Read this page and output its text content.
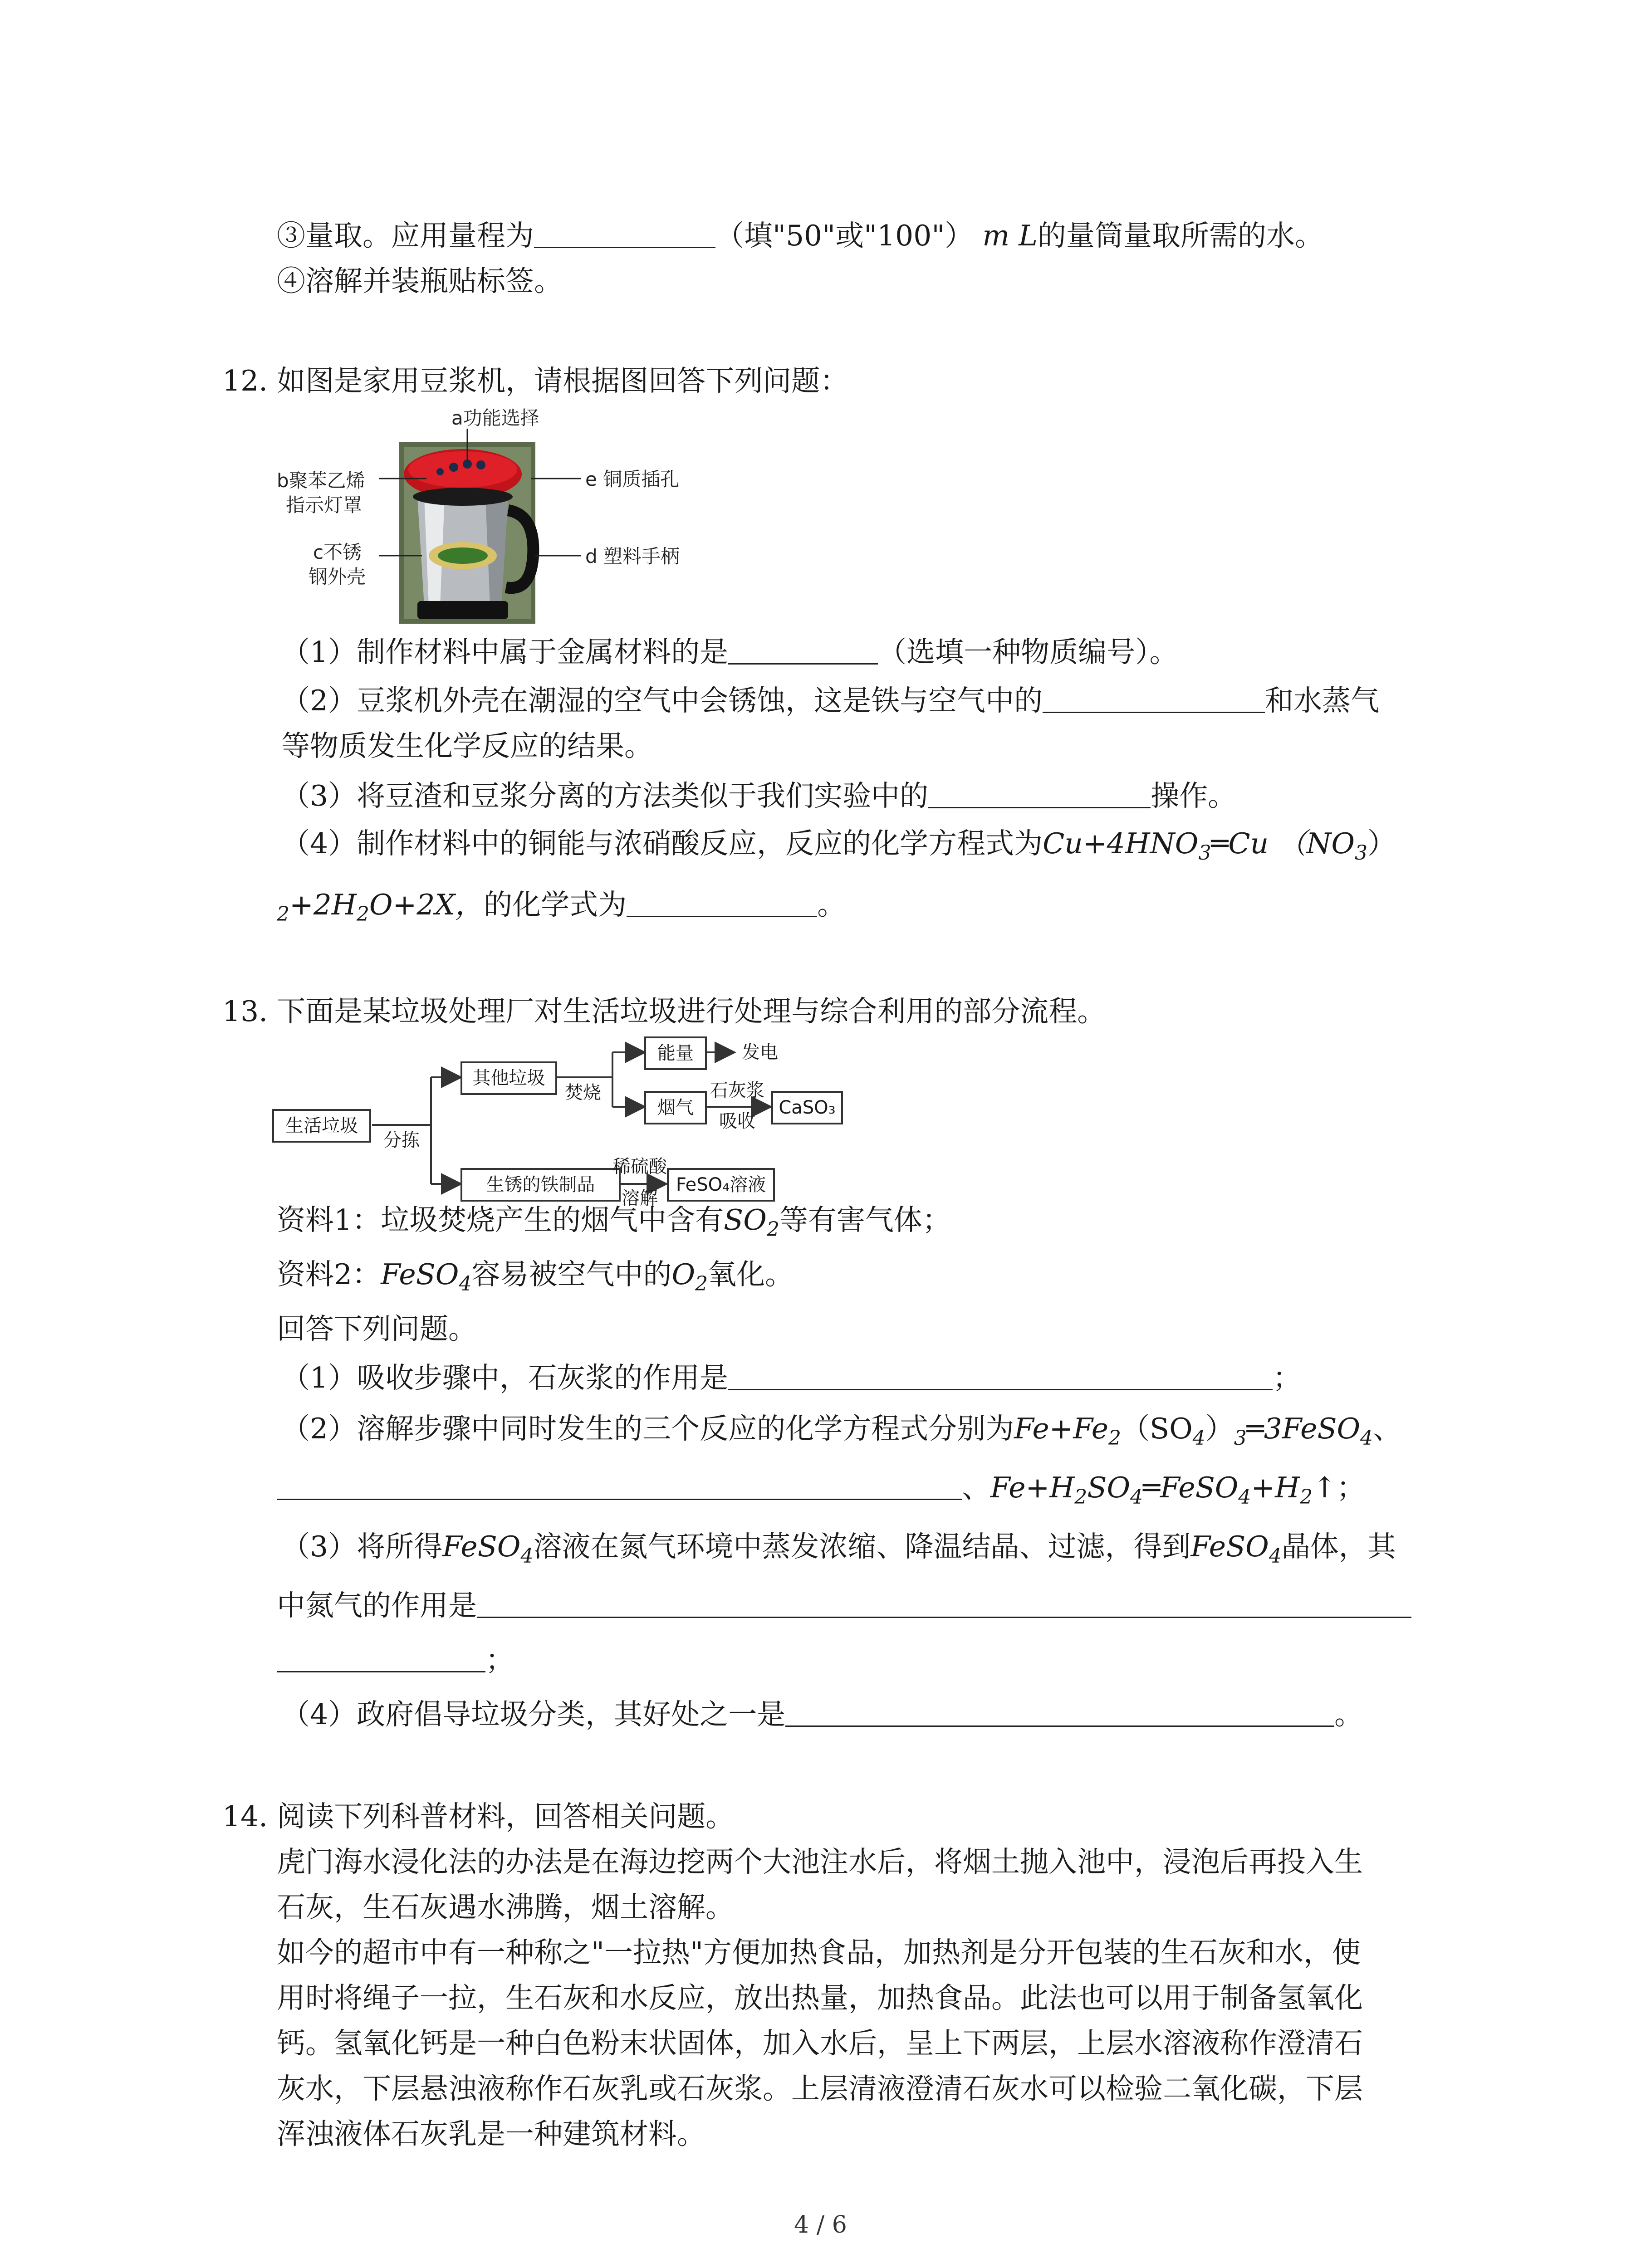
③量取。应用量程为	（填"50"或"100"） m L的量筒量取所需的水。
④溶解并装瓶贴标签。
12. 如图是家用豆浆机，请根据图回答下列问题：
a功能选择
b聚苯乙烯
指示灯罩
c不锈
钢外壳
d 塑料手柄
e 铜质插孔
（1）制作材料中属于金属材料的是	（选填一种物质编号）。
（2）豆浆机外壳在潮湿的空气中会锈蚀，这是铁与空气中的	和水蒸气
等物质发生化学反应的结果。
（3）将豆渣和豆浆分离的方法类似于我们实验中的	操作。
（4）制作材料中的铜能与浓硝酸反应，反应的化学方程式为$Cu+4HNO_3═Cu$ $(NO_3)$
$_2+2H_2O+2X$，的化学式为	。
13. 下面是某垃圾处理厂对生活垃圾进行处理与综合利用的部分流程。
生活垃圾
分拣
其他垃圾
焚烧
能量	发电
烟气
石灰浆
吸收
CaSO₃
生锈的铁制品
稀硫酸
溶解
FeSO₄溶液
资料1：垃圾焚烧产生的烟气中含有$SO_2$等有害气体；
资料2：FeSO$_4$容易被空气中的$O_2$氧化。
回答下列问题。
（1）吸收步骤中，石灰浆的作用是	；
（2）溶解步骤中同时发生的三个反应的化学方程式分别为$Fe+Fe_2(SO_4)_3═3FeSO_4$、
、$Fe+H_2SO_4═FeSO_4+H_2↑$；
（3）将所得FeSO$_4$溶液在氮气环境中蒸发浓缩、降温结晶、过滤，得到FeSO$_4$晶体，其
中氮气的作用是
；
（4）政府倡导垃圾分类，其好处之一是	。
14. 阅读下列科普材料，回答相关问题。
虎门海水浸化法的办法是在海边挖两个大池注水后，将烟土抛入池中，浸泡后再投入生
石灰，生石灰遇水沸腾，烟土溶解。
如今的超市中有一种称之"一拉热"方便加热食品，加热剂是分开包装的生石灰和水，使
用时将绳子一拉，生石灰和水反应，放出热量，加热食品。此法也可以用于制备氢氧化
钙。氢氧化钙是一种白色粉末状固体，加入水后，呈上下两层，上层水溶液称作澄清石
灰水，下层悬浊液称作石灰乳或石灰浆。上层清液澄清石灰水可以检验二氧化碳，下层
浑浊液体石灰乳是一种建筑材料。
4 / 6
